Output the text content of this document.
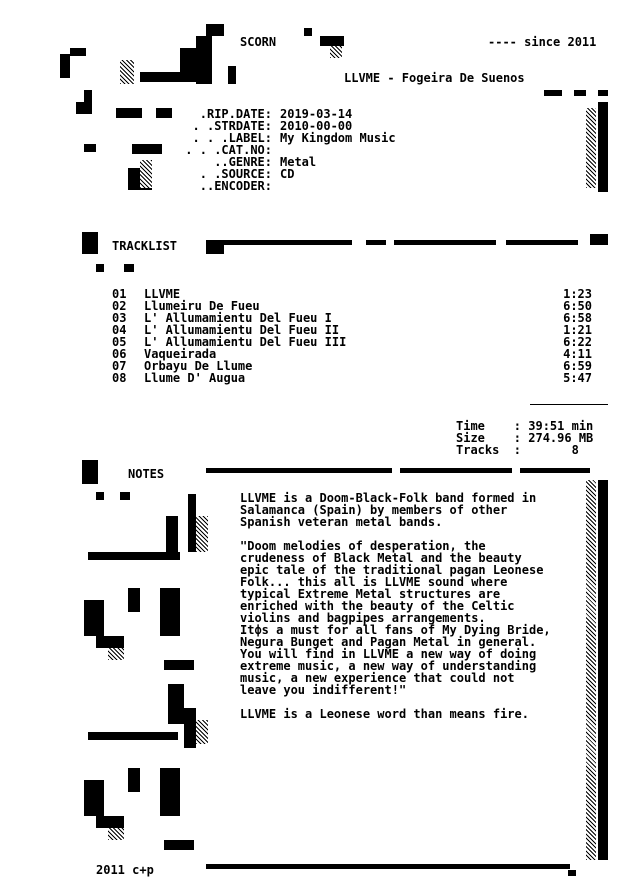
SCORN	---- since 2011
LLVME - Fogeira De Suenos
.RIP.DATE: 2019-03-14
. .STRDATE: 2010-00-00
. . .LABEL: My Kingdom Music
. . .CAT.NO:
..GENRE: Metal
. .SOURCE: CD
..ENCODER:
TRACKLIST
01 LLVME	1:23
02 Llumeiru De Fueu	6:50
03 L' Allumamientu Del Fueu I	6:58
04 L' Allumamientu Del Fueu II	1:21
05 L' Allumamientu Del Fueu III	6:22
06 Vaqueirada	4:11
07 Orbayu De Llume	6:59
08 Llume D' Augua	5:47
Time    : 39:51 min
Size    : 274.96 MB
Tracks  :       8
NOTES
LLVME is a Doom-Black-Folk band formed in
Salamanca (Spain) by members of other
Spanish veteran metal bands.
"Doom melodies of desperation, the
crudeness of Black Metal and the beauty
epic tale of the traditional pagan Leonese
Folk... this all is LLVME sound where
typical Extreme Metal structures are
enriched with the beauty of the Celtic
violins and bagpipes arrangements.
Itфs a must for all fans of My Dying Bride,
Negura Bunget and Pagan Metal in general.
You will find in LLVME a new way of doing
extreme music, a new way of understanding
music, a new experience that could not
leave you indifferent!"
LLVME is a Leonese word than means fire.
2011 c+p
